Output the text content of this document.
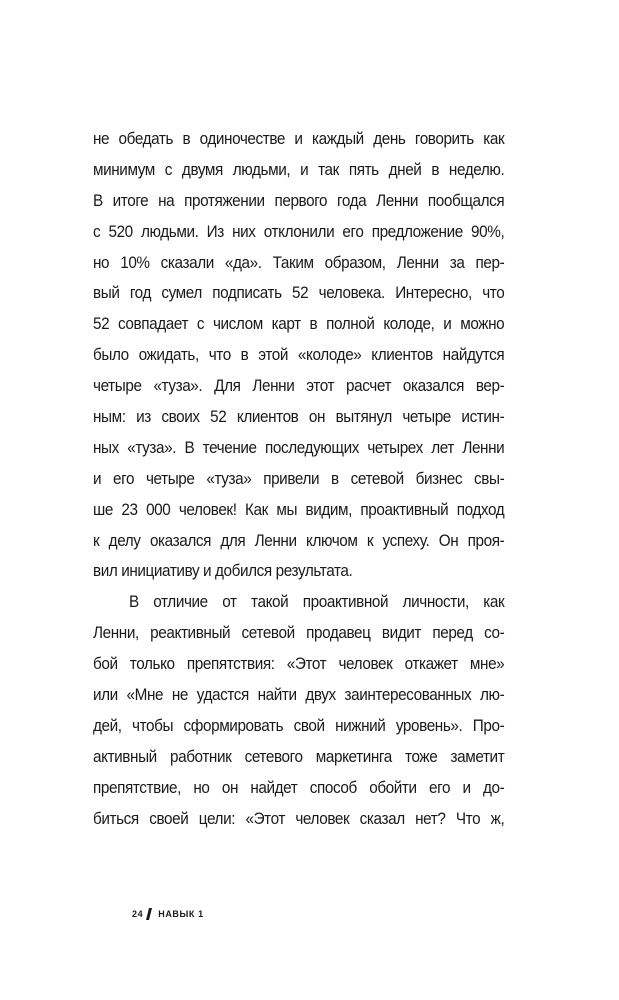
не обедать в одиночестве и каждый день говорить как
минимум с двумя людьми, и так пять дней в неделю.
В итоге на протяжении первого года Ленни пообщался
с 520 людьми. Из них отклонили его предложение 90%,
но 10% сказали «да». Таким образом, Ленни за пер-
вый год сумел подписать 52 человека. Интересно, что
52 совпадает с числом карт в полной колоде, и можно
было ожидать, что в этой «колоде» клиентов найдутся
четыре «туза». Для Ленни этот расчет оказался вер-
ным: из своих 52 клиентов он вытянул четыре истин-
ных «туза». В течение последующих четырех лет Ленни
и его четыре «туза» привели в сетевой бизнес свы-
ше 23 000 человек! Как мы видим, проактивный подход
к делу оказался для Ленни ключом к успеху. Он проя-
вил инициативу и добился результата.
В отличие от такой проактивной личности, как
Ленни, реактивный сетевой продавец видит перед со-
бой только препятствия: «Этот человек откажет мне»
или «Мне не удастся найти двух заинтересованных лю-
дей, чтобы сформировать свой нижний уровень». Про-
активный работник сетевого маркетинга тоже заметит
препятствие, но он найдет способ обойти его и до-
биться своей цели: «Этот человек сказал нет? Что ж,
24 НАВЫК 1
